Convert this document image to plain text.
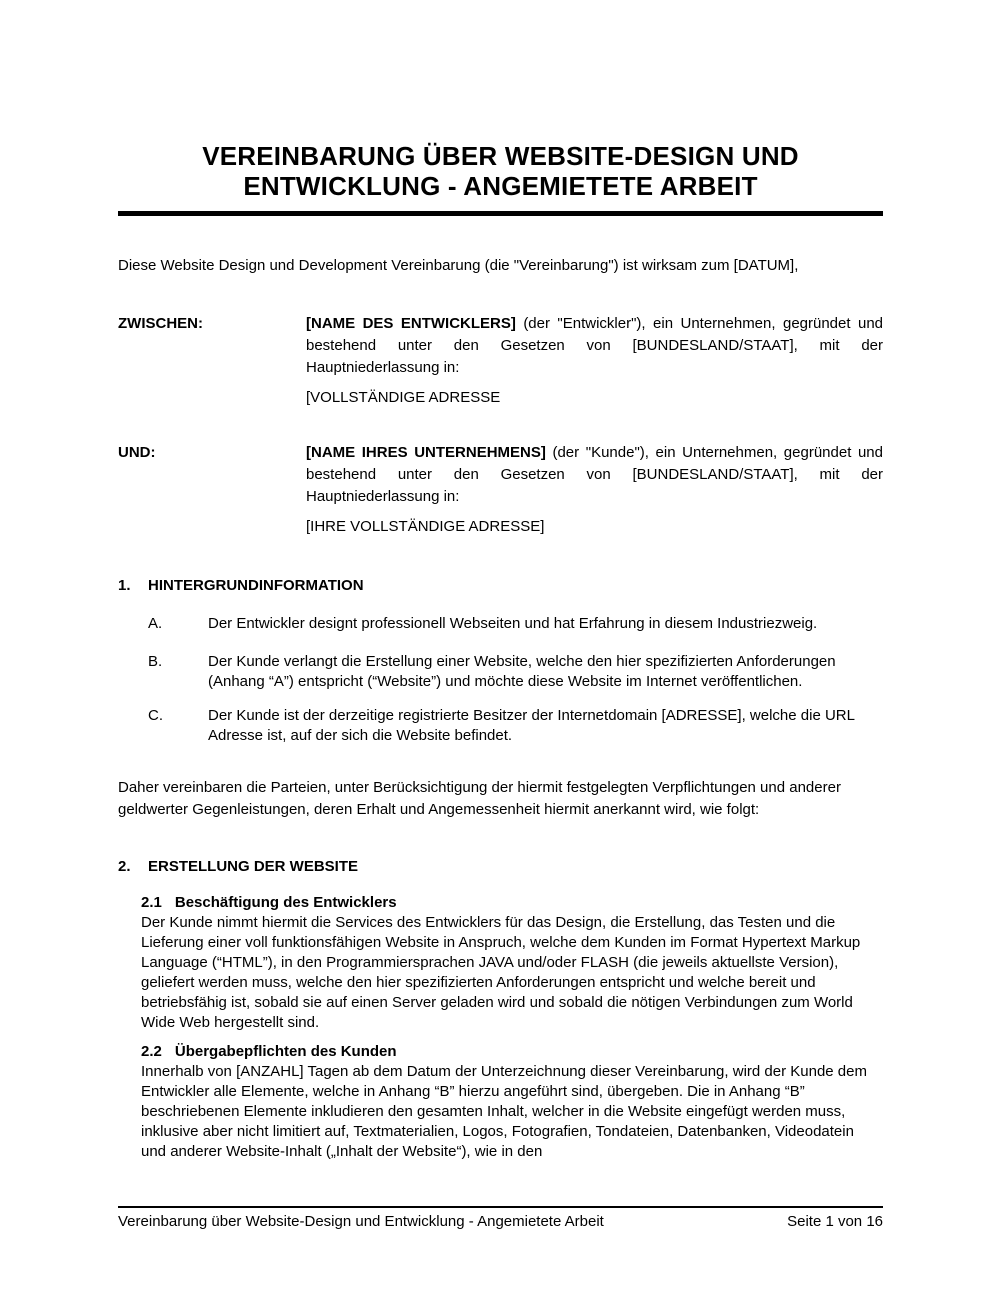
VEREINBARUNG ÜBER WEBSITE-DESIGN UND ENTWICKLUNG - ANGEMIETETE ARBEIT

Diese Website Design und Development Vereinbarung (die "Vereinbarung") ist wirksam zum [DATUM],

ZWISCHEN:	[NAME DES ENTWICKLERS] (der "Entwickler"), ein Unternehmen, gegründet und bestehend unter den Gesetzen von [BUNDESLAND/STAAT], mit der Hauptniederlassung in:

[VOLLSTÄNDIGE ADRESSE

UND:	[NAME IHRES UNTERNEHMENS] (der "Kunde"), ein Unternehmen, gegründet und bestehend unter den Gesetzen von [BUNDESLAND/STAAT], mit der Hauptniederlassung in:

[IHRE VOLLSTÄNDIGE ADRESSE]

1. HINTERGRUNDINFORMATION
A.	Der Entwickler designt professionell Webseiten und hat Erfahrung in diesem Industriezweig.
B.	Der Kunde verlangt die Erstellung einer Website, welche den hier spezifizierten Anforderungen (Anhang “A”) entspricht (“Website”) und möchte diese Website im Internet veröffentlichen.
C.	Der Kunde ist der derzeitige registrierte Besitzer der Internetdomain [ADRESSE], welche die URL Adresse ist, auf der sich die Website befindet.

Daher vereinbaren die Parteien, unter Berücksichtigung der hiermit festgelegten Verpflichtungen und anderer geldwerter Gegenleistungen, deren Erhalt und Angemessenheit hiermit anerkannt wird, wie folgt:

2. ERSTELLUNG DER WEBSITE
2.1 Beschäftigung des Entwicklers

Der Kunde nimmt hiermit die Services des Entwicklers für das Design, die Erstellung, das Testen und die Lieferung einer voll funktionsfähigen Website in Anspruch, welche dem Kunden im Format Hypertext Markup Language (“HTML”), in den Programmiersprachen JAVA und/oder FLASH (die jeweils aktuellste Version), geliefert werden muss, welche den hier spezifizierten Anforderungen entspricht und welche bereit und betriebsfähig ist, sobald sie auf einen Server geladen wird und sobald die nötigen Verbindungen zum World Wide Web hergestellt sind.

2.2 Übergabepflichten des Kunden

Innerhalb von [ANZAHL] Tagen ab dem Datum der Unterzeichnung dieser Vereinbarung, wird der Kunde dem Entwickler alle Elemente, welche in Anhang “B” hierzu angeführt sind, übergeben. Die in Anhang “B” beschriebenen Elemente inkludieren den gesamten Inhalt, welcher in die Website eingefügt werden muss, inklusive aber nicht limitiert auf, Textmaterialien, Logos, Fotografien, Tondateien, Datenbanken, Videodatein und anderer Website-Inhalt („Inhalt der Website“), wie in den

Vereinbarung über Website-Design und Entwicklung - Angemietete Arbeit	Seite 1 von 16
